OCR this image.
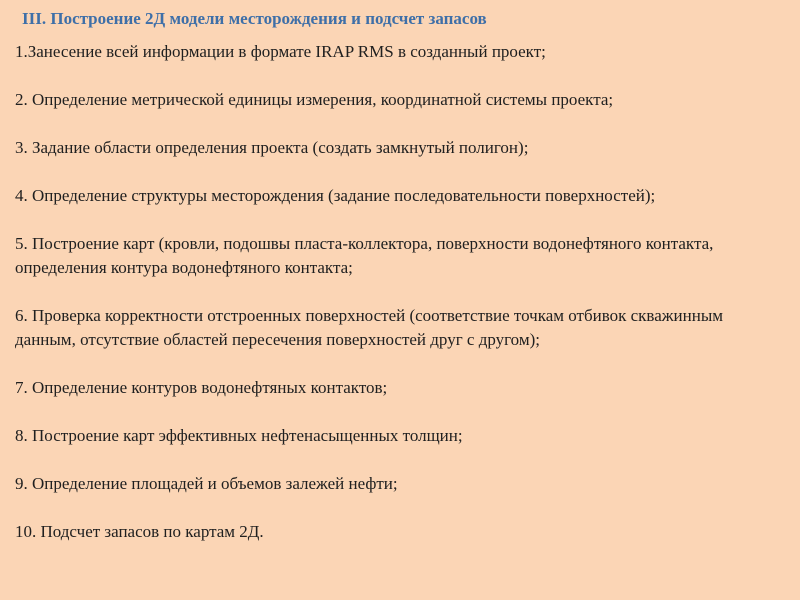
III. Построение 2Д модели месторождения и подсчет запасов
1.Занесение всей информации в формате IRAP RMS в созданный проект;
2. Определение метрической единицы измерения, координатной системы проекта;
3. Задание области определения проекта (создать замкнутый полигон);
4. Определение структуры месторождения (задание последовательности поверхностей);
5. Построение карт (кровли, подошвы пласта-коллектора, поверхности водонефтяного контакта, определения контура водонефтяного контакта;
6. Проверка корректности отстроенных поверхностей (соответствие точкам отбивок скважинным данным, отсутствие областей пересечения поверхностей друг с другом);
7. Определение контуров водонефтяных контактов;
8. Построение карт эффективных нефтенасыщенных толщин;
9. Определение площадей и объемов залежей нефти;
10. Подсчет запасов по картам 2Д.
